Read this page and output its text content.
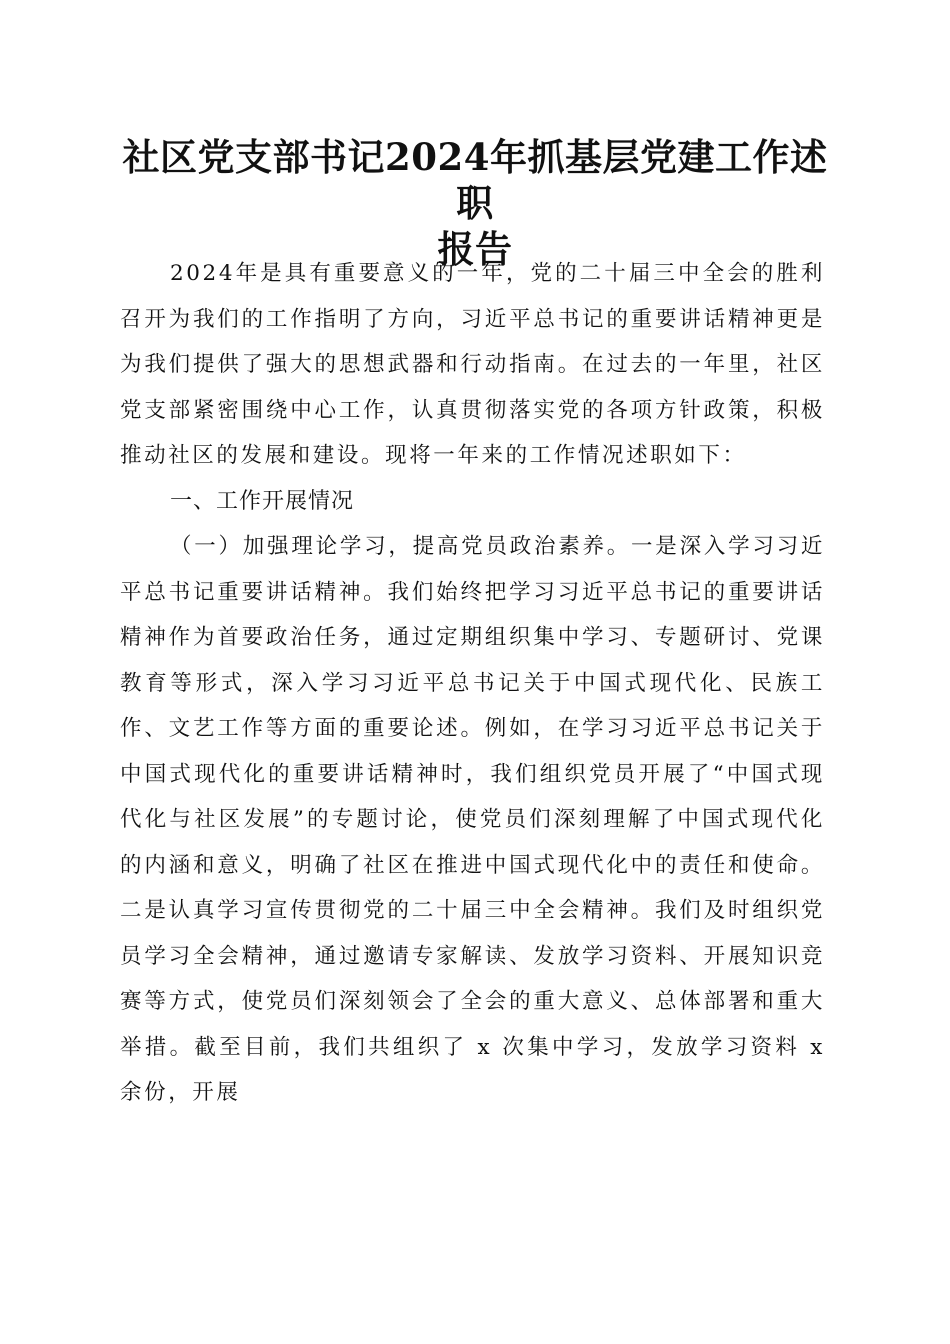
社区党支部书记2024年抓基层党建工作述职
报告

2024年是具有重要意义的一年，党的二十届三中全会的胜利召开为我们的工作指明了方向，习近平总书记的重要讲话精神更是为我们提供了强大的思想武器和行动指南。在过去的一年里，社区党支部紧密围绕中心工作，认真贯彻落实党的各项方针政策，积极推动社区的发展和建设。现将一年来的工作情况述职如下：

一、工作开展情况

（一）加强理论学习，提高党员政治素养。一是深入学习习近平总书记重要讲话精神。我们始终把学习习近平总书记的重要讲话精神作为首要政治任务，通过定期组织集中学习、专题研讨、党课教育等形式，深入学习习近平总书记关于中国式现代化、民族工作、文艺工作等方面的重要论述。例如，在学习习近平总书记关于中国式现代化的重要讲话精神时，我们组织党员开展了“中国式现代化与社区发展”的专题讨论，使党员们深刻理解了中国式现代化的内涵和意义，明确了社区在推进中国式现代化中的责任和使命。二是认真学习宣传贯彻党的二十届三中全会精神。我们及时组织党员学习全会精神，通过邀请专家解读、发放学习资料、开展知识竞赛等方式，使党员们深刻领会了全会的重大意义、总体部署和重大举措。截至目前，我们共组织了 x 次集中学习，发放学习资料 x 余份，开展
